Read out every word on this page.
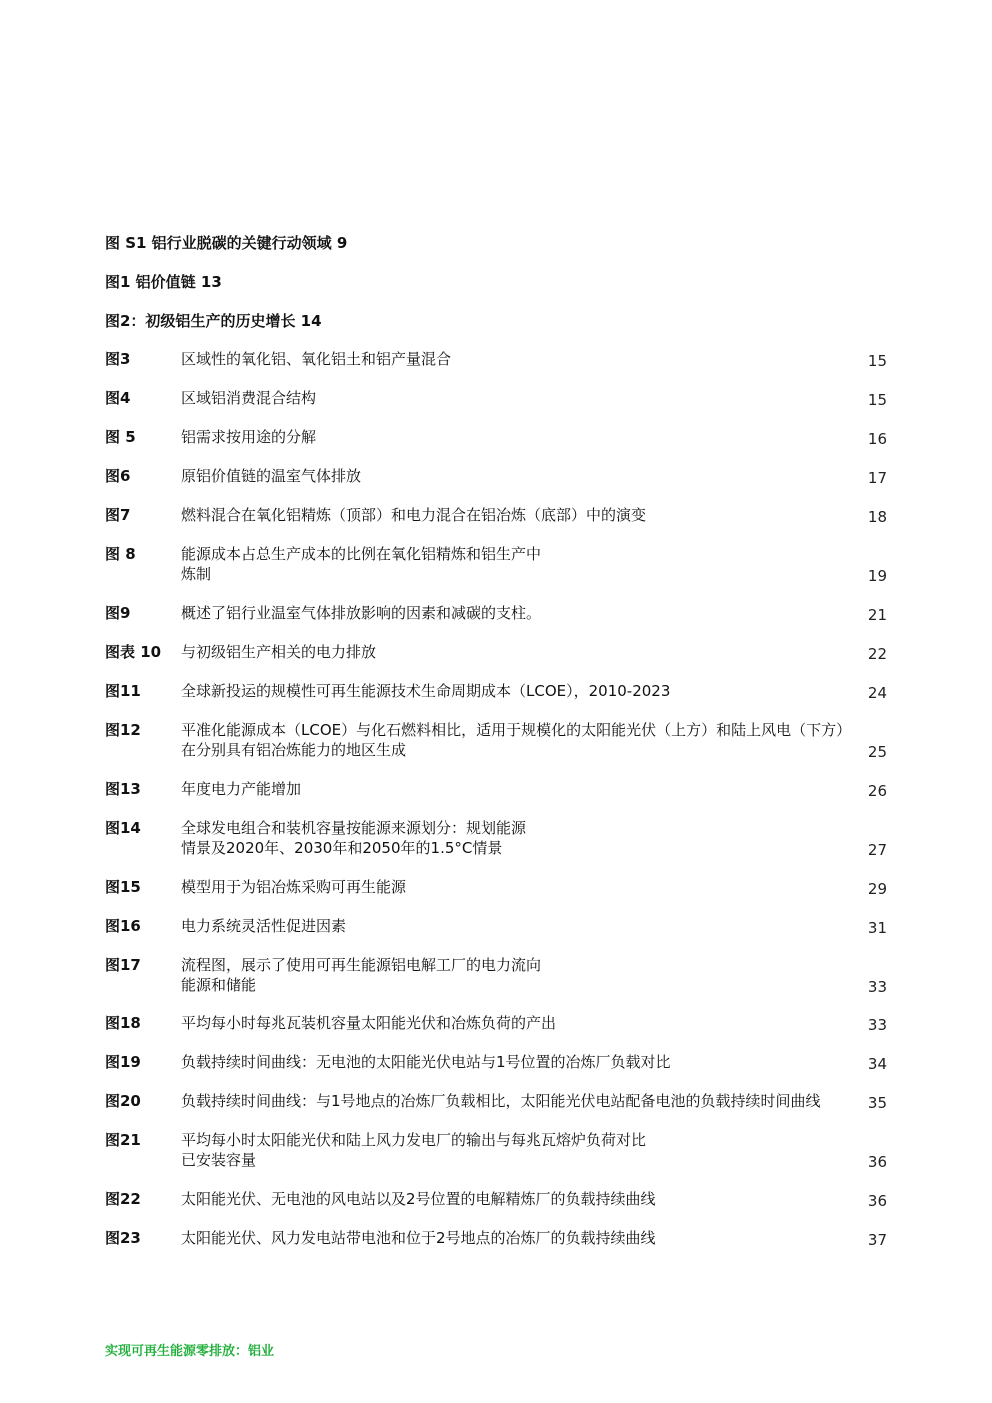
图 S1 铝行业脱碳的关键行动领域 9
图1 铝价值链 13
图2：初级铝生产的历史增长 14
图3	区域性的氧化铝、氧化铝土和铝产量混合	15
图4	区域铝消费混合结构	15
图 5	铝需求按用途的分解	16
图6	原铝价值链的温室气体排放	17
图7	燃料混合在氧化铝精炼（顶部）和电力混合在铝冶炼（底部）中的演变	18
图 8	能源成本占总生产成本的比例在氧化铝精炼和铝生产中
炼制	19
图9	概述了铝行业温室气体排放影响的因素和减碳的支柱。	21
图表 10	与初级铝生产相关的电力排放	22
图11	全球新投运的规模性可再生能源技术生命周期成本（LCOE），2010-2023	24
图12	平准化能源成本（LCOE）与化石燃料相比，适用于规模化的太阳能光伏（上方）和陆上风电（下方）
在分别具有铝冶炼能力的地区生成	25
图13	年度电力产能增加	26
图14	全球发电组合和装机容量按能源来源划分：规划能源
情景及2020年、2030年和2050年的1.5°C情景	27
图15	模型用于为铝冶炼采购可再生能源	29
图16	电力系统灵活性促进因素	31
图17	流程图，展示了使用可再生能源铝电解工厂的电力流向
能源和储能	33
图18	平均每小时每兆瓦装机容量太阳能光伏和冶炼负荷的产出	33
图19	负载持续时间曲线：无电池的太阳能光伏电站与1号位置的冶炼厂负载对比	34
图20	负载持续时间曲线：与1号地点的冶炼厂负载相比，太阳能光伏电站配备电池的负载持续时间曲线	35
图21	平均每小时太阳能光伏和陆上风力发电厂的输出与每兆瓦熔炉负荷对比
已安装容量	36
图22	太阳能光伏、无电池的风电站以及2号位置的电解精炼厂的负载持续曲线	36
图23	太阳能光伏、风力发电站带电池和位于2号地点的冶炼厂的负载持续曲线	37
实现可再生能源零排放：铝业
